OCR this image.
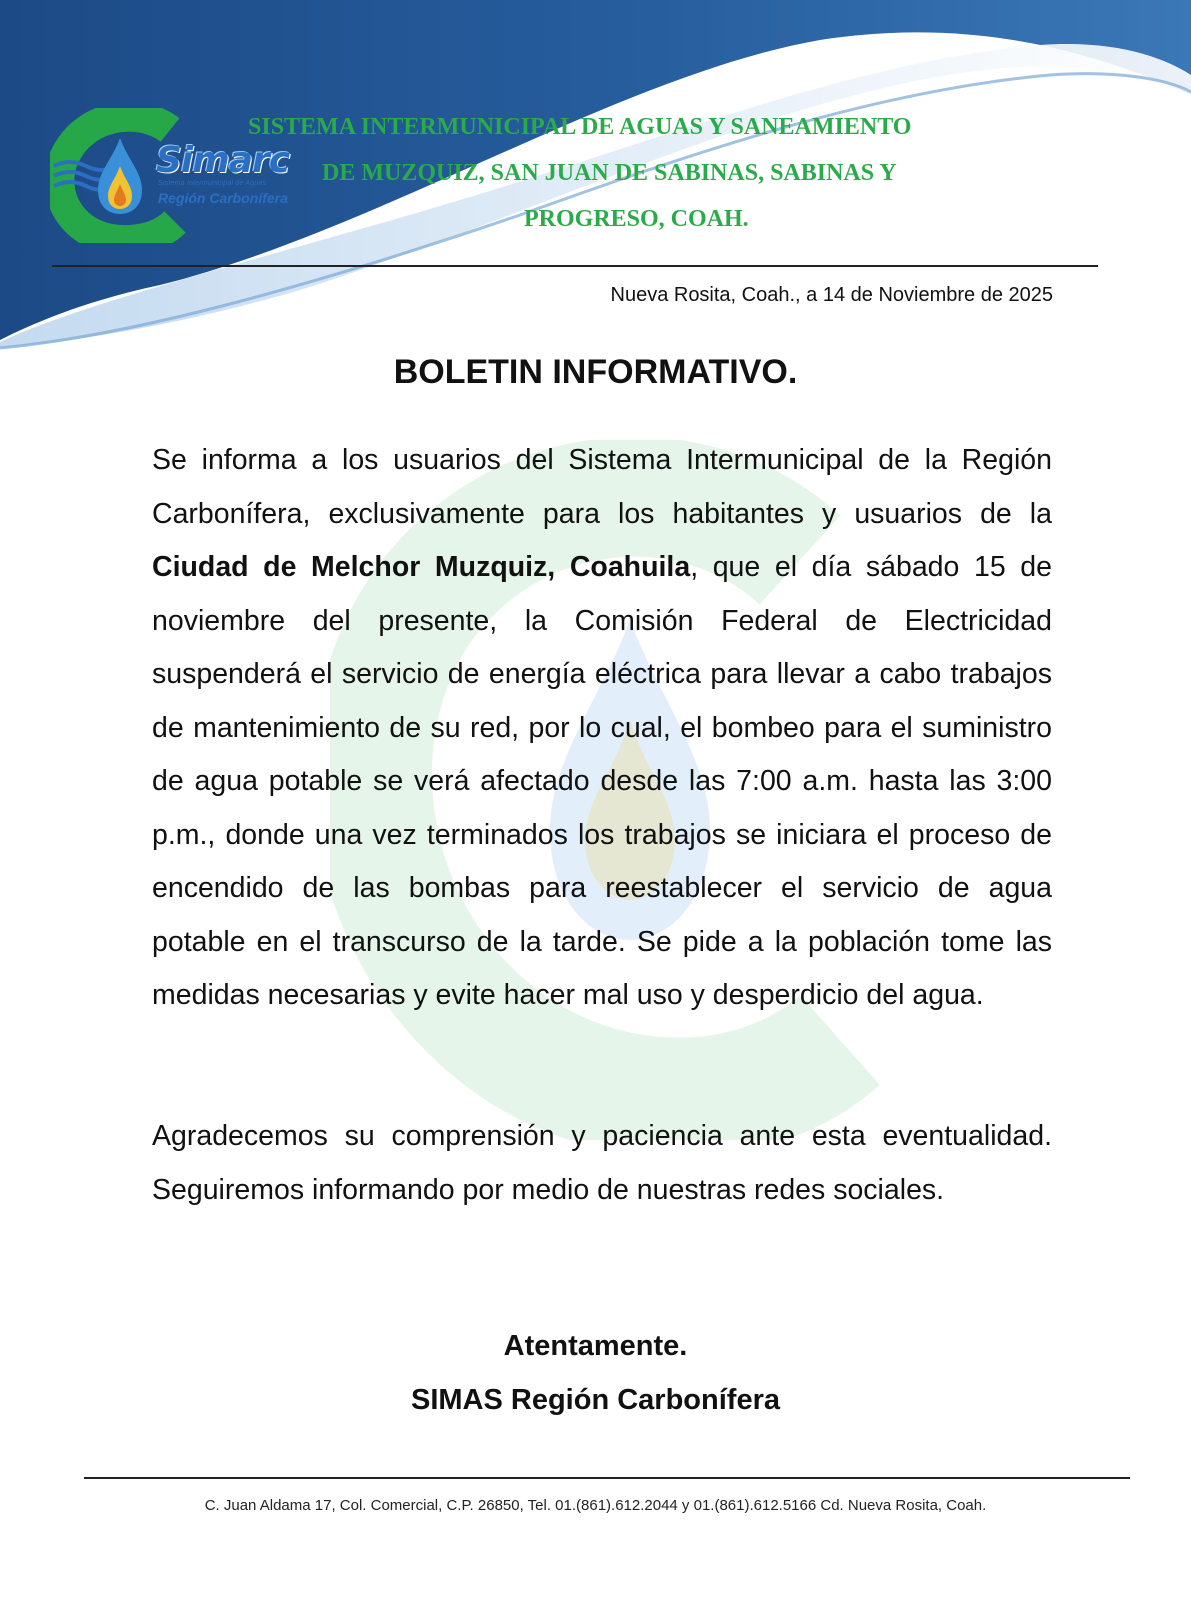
Simarc
Sistema Intermunicipal de Aguas
Región Carbonífera
SISTEMA INTERMUNICIPAL DE AGUAS Y SANEAMIENTO
DE MUZQUIZ, SAN JUAN DE SABINAS, SABINAS Y
PROGRESO, COAH.
Nueva Rosita, Coah., a 14 de Noviembre de 2025
BOLETIN INFORMATIVO.
Se informa a los usuarios del Sistema Intermunicipal de la Región Carbonífera, exclusivamente para los habitantes y usuarios de la Ciudad de Melchor Muzquiz, Coahuila, que el día sábado 15 de noviembre del presente, la Comisión Federal de Electricidad suspenderá el servicio de energía eléctrica para llevar a cabo trabajos de mantenimiento de su red, por lo cual, el bombeo para el suministro de agua potable se verá afectado desde las 7:00 a.m. hasta las 3:00 p.m., donde una vez terminados los trabajos se iniciara el proceso de encendido de las bombas para reestablecer el servicio de agua potable en el transcurso de la tarde. Se pide a la población tome las medidas necesarias y evite hacer mal uso y desperdicio del agua.
Agradecemos su comprensión y paciencia ante esta eventualidad. Seguiremos informando por medio de nuestras redes sociales.
Atentamente.
SIMAS Región Carbonífera
C. Juan Aldama 17, Col. Comercial, C.P. 26850, Tel. 01.(861).612.2044 y 01.(861).612.5166 Cd. Nueva Rosita, Coah.
